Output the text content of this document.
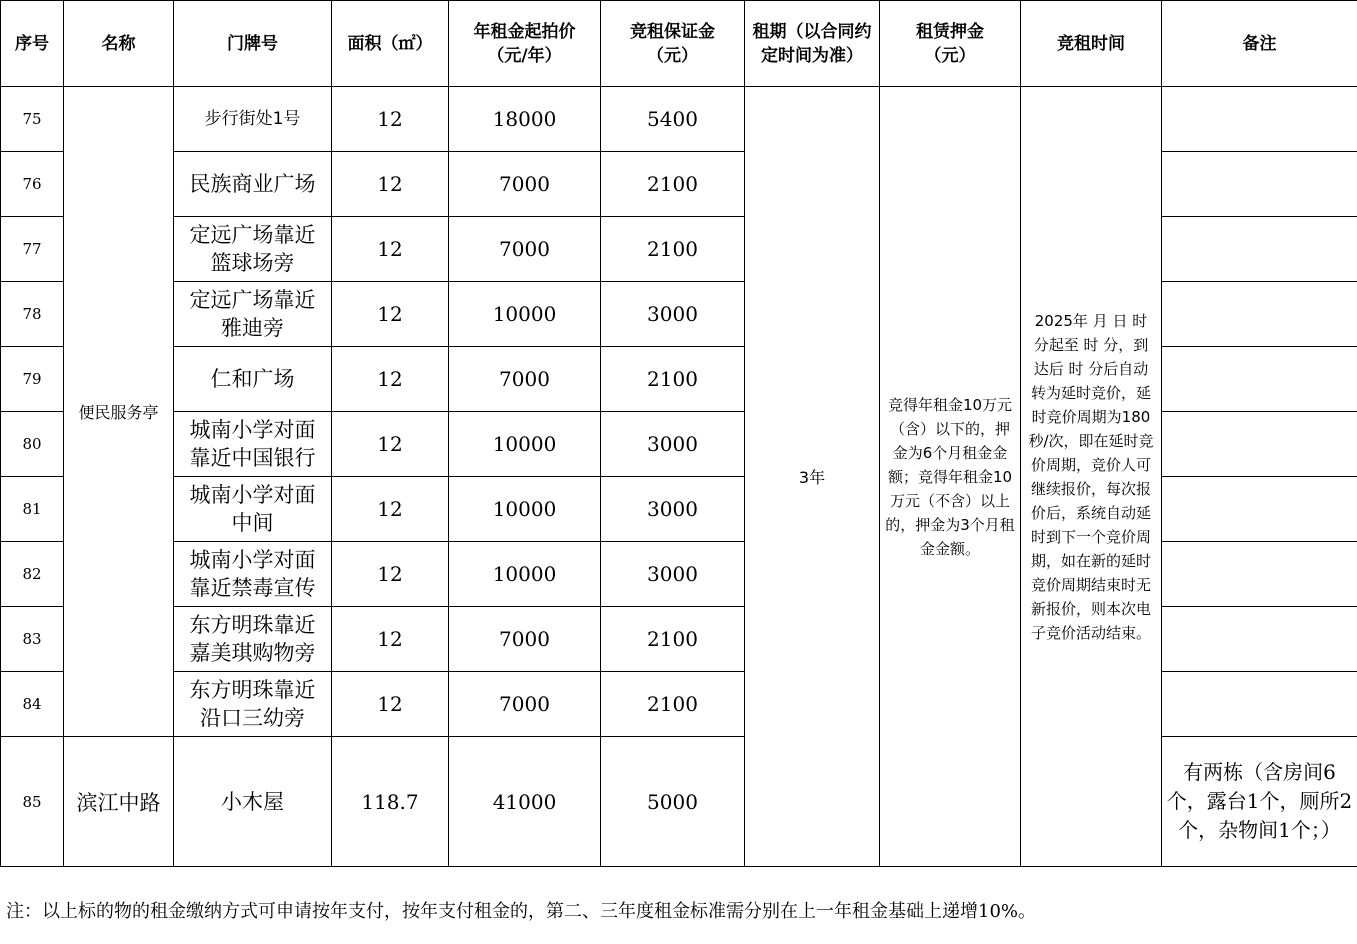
序号	名称	门牌号	面积（㎡）	年租金起拍价（元/年）	竞租保证金（元）	租期（以合同约定时间为准）	租赁押金（元）	竞租时间	备注
75	便民服务亭	步行街处1号	12	18000	5400	3年	竞得年租金10万元（含）以下的，押金为6个月租金金额；竞得年租金10万元（不含）以上的，押金为3个月租金金额。	2025年 月 日 时 分起至 时 分，到达后 时 分后自动转为延时竞价，延时竞价周期为180秒/次，即在延时竞价周期，竞价人可继续报价，每次报价后，系统自动延时到下一个竞价周期，如在新的延时竞价周期结束时无新报价，则本次电子竞价活动结束。	
76		民族商业广场	12	7000	2100				
77		定远广场靠近篮球场旁	12	7000	2100				
78		定远广场靠近雅迪旁	12	10000	3000				
79		仁和广场	12	7000	2100				
80		城南小学对面靠近中国银行	12	10000	3000				
81		城南小学对面中间	12	10000	3000				
82		城南小学对面靠近禁毒宣传	12	10000	3000				
83		东方明珠靠近嘉美琪购物旁	12	7000	2100				
84		东方明珠靠近沿口三幼旁	12	7000	2100				
85	滨江中路	小木屋	118.7	41000	5000				有两栋（含房间6个，露台1个，厕所2个，杂物间1个；）
注：以上标的物的租金缴纳方式可申请按年支付，按年支付租金的，第二、三年度租金标准需分别在上一年租金基础上递增10%。
